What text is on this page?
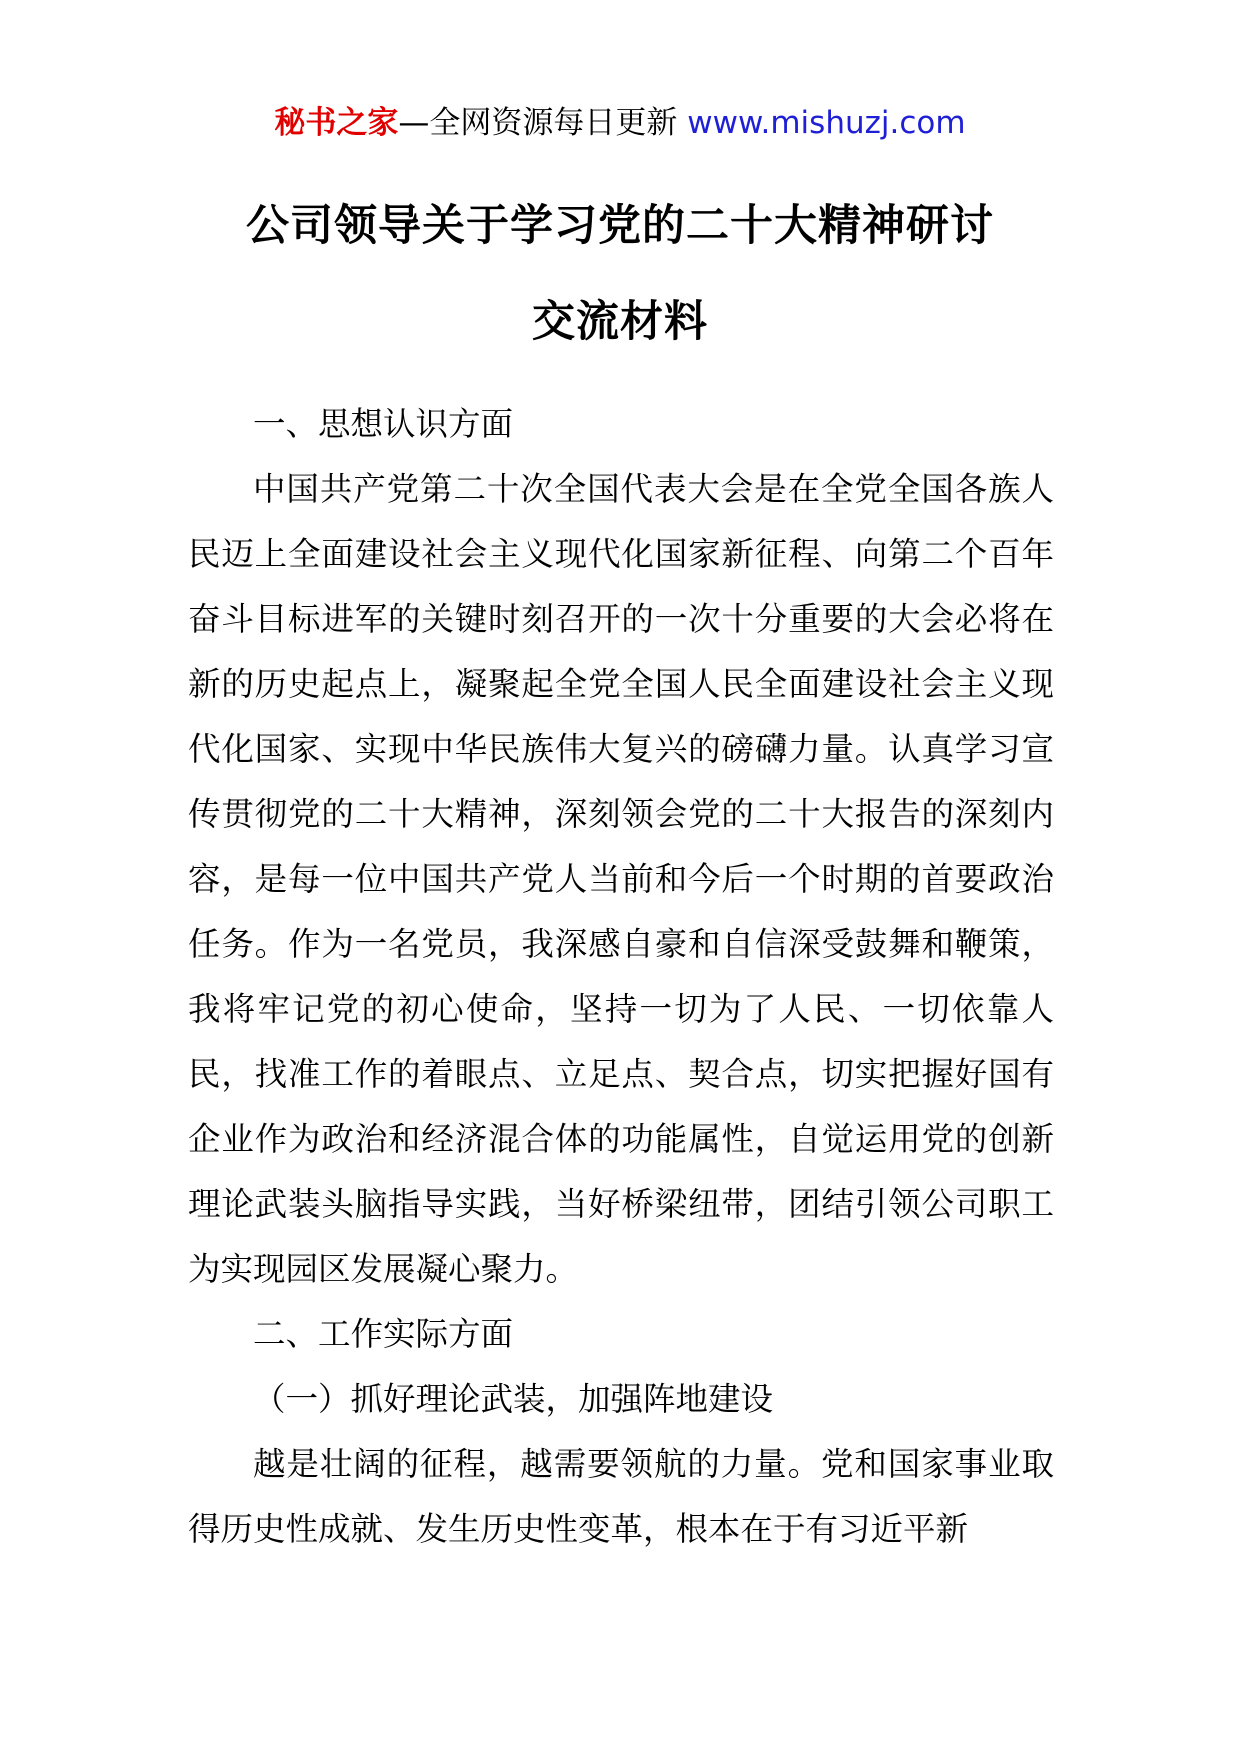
秘书之家—全网资源每日更新 www.mishuzj.com
公司领导关于学习党的二十大精神研讨
交流材料

一、思想认识方面

中国共产党第二十次全国代表大会是在全党全国各族人民迈上全面建设社会主义现代化国家新征程、向第二个百年奋斗目标进军的关键时刻召开的一次十分重要的大会必将在新的历史起点上，凝聚起全党全国人民全面建设社会主义现代化国家、实现中华民族伟大复兴的磅礴力量。认真学习宣传贯彻党的二十大精神，深刻领会党的二十大报告的深刻内容，是每一位中国共产党人当前和今后一个时期的首要政治任务。作为一名党员，我深感自豪和自信深受鼓舞和鞭策，我将牢记党的初心使命，坚持一切为了人民、一切依靠人民，找准工作的着眼点、立足点、契合点，切实把握好国有企业作为政治和经济混合体的功能属性，自觉运用党的创新理论武装头脑指导实践，当好桥梁纽带，团结引领公司职工为实现园区发展凝心聚力。

二、工作实际方面

（一）抓好理论武装，加强阵地建设

越是壮阔的征程，越需要领航的力量。党和国家事业取得历史性成就、发生历史性变革，根本在于有习近平新
